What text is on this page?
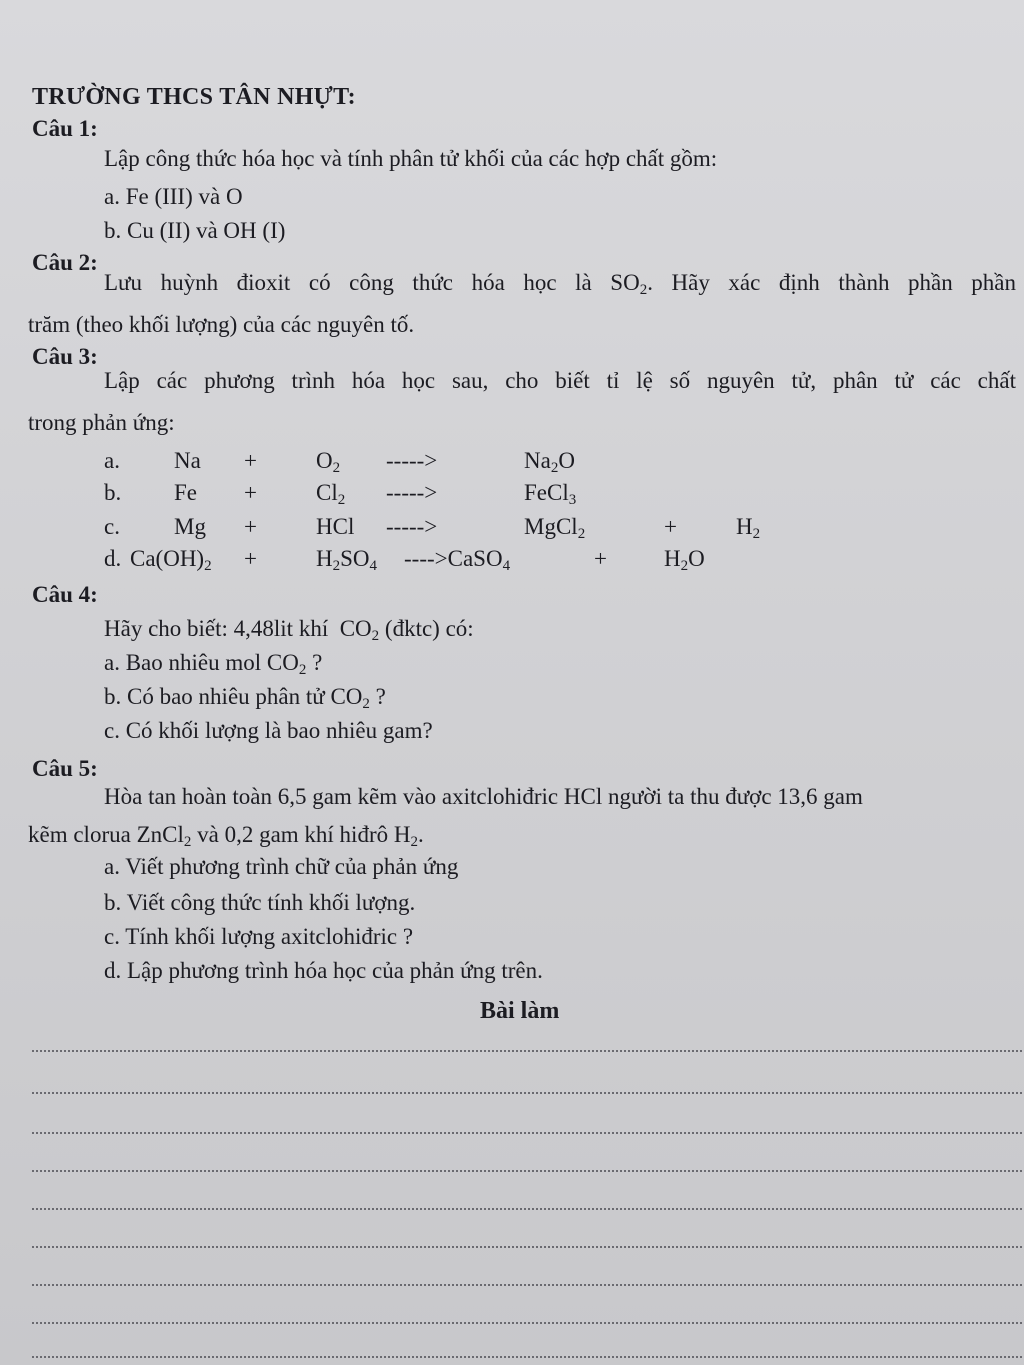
TRƯỜNG THCS TÂN NHỰT:
Câu 1:
Lập công thức hóa học và tính phân tử khối của các hợp chất gồm:
a. Fe (III) và O
b. Cu (II) và OH (I)
Câu 2:
Lưu huỳnh đioxit có công thức hóa học là $SO_2$. Hãy xác định thành phần phần
trăm (theo khối lượng) của các nguyên tố.
Câu 3:
Lập các phương trình hóa học sau, cho biết tỉ lệ số nguyên tử, phân tử các chất
trong phản ứng:
a. Na +	$O_2$ ----->	$Na_2O$
b. Fe +	$Cl_2$ ----->	FeCl$_3$
c. Mg +	HCl ----->	MgCl$_2$	+	$H_2$
d. $Ca(OH)_2$ +	$H_2SO_4$ ---->CaSO$_4$	+ $H_2O$
Câu 4:
Hãy cho biết: 4,48lit khí $CO_2$ (đktc) có:
a. Bao nhiêu mol $CO_2$ ?
b. Có bao nhiêu phân tử $CO_2$ ?
c. Có khối lượng là bao nhiêu gam?
Câu 5:
Hòa tan hoàn toàn 6,5 gam kẽm vào axitclohiđric HCl người ta thu được 13,6 gam
kẽm clorua ZnCl$_2$ và 0,2 gam khí hiđrô $H_2$.
a. Viết phương trình chữ của phản ứng
b. Viết công thức tính khối lượng.
c. Tính khối lượng axitclohiđric ?
d. Lập phương trình hóa học của phản ứng trên.
Bài làm
